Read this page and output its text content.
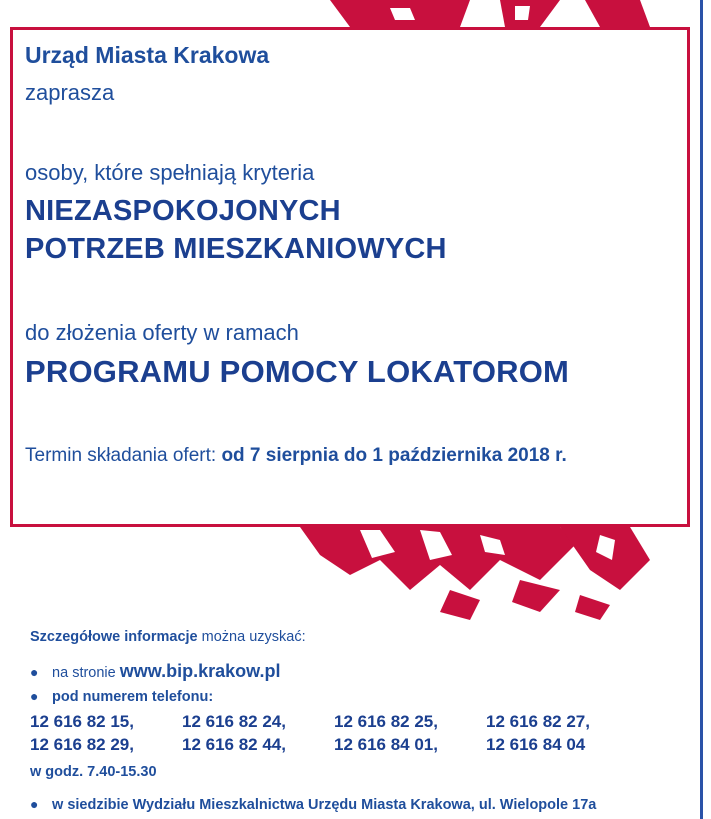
Urząd Miasta Krakowa
zaprasza
osoby, które spełniają kryteria
NIEZASPOKOJONYCH
POTRZEB MIESZKANIOWYCH
do złożenia oferty w ramach
PROGRAMU POMOCY LOKATOROM
Termin składania ofert: od 7 sierpnia do 1 października 2018 r.
Szczegółowe informacje można uzyskać:
● na stronie www.bip.krakow.pl
● pod numerem telefonu:
12 616 82 15,	12 616 82 24,	12 616 82 25,	12 616 82 27,
12 616 82 29,	12 616 82 44,	12 616 84 01,	12 616 84 04
w godz. 7.40-15.30
● w siedzibie Wydziału Mieszkalnictwa Urzędu Miasta Krakowa, ul. Wielopole 17a
